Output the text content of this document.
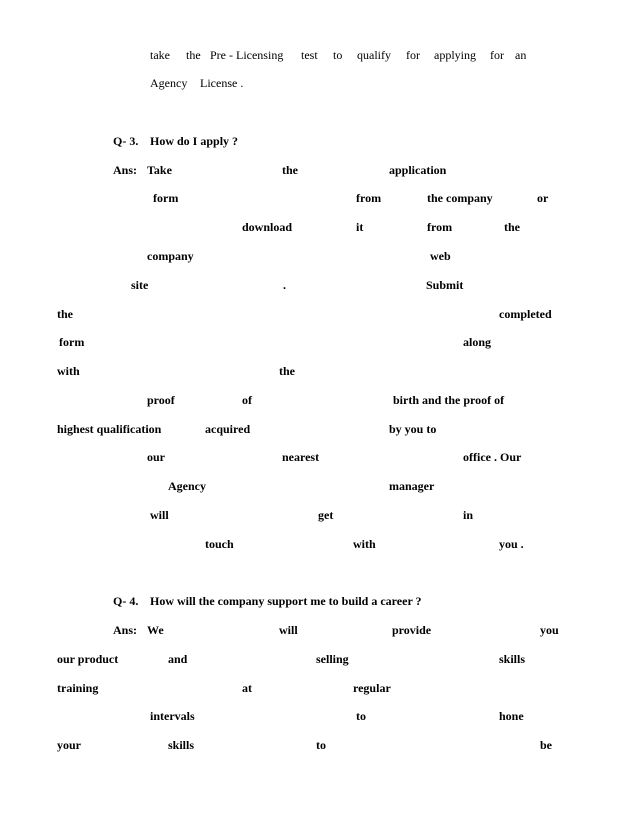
take the Pre - Licensing test to qualify for applying for an
Agency License .
Q- 3. How do I apply ?
Ans: Take	the	application
form	from	the company	or
download	it	from	the
company	web
site	.	Submit
the	completed
form	along
with	the
proof	of	birth and the proof of
highest qualification	acquired	by you to
our	nearest	office . Our
Agency	manager
will	get	in
touch	with	you .
Q- 4. How will the company support me to build a career ?
Ans: We	will	provide	you
our product	and	selling	skills
training	at	regular
intervals	to	hone
your	skills	to	be
